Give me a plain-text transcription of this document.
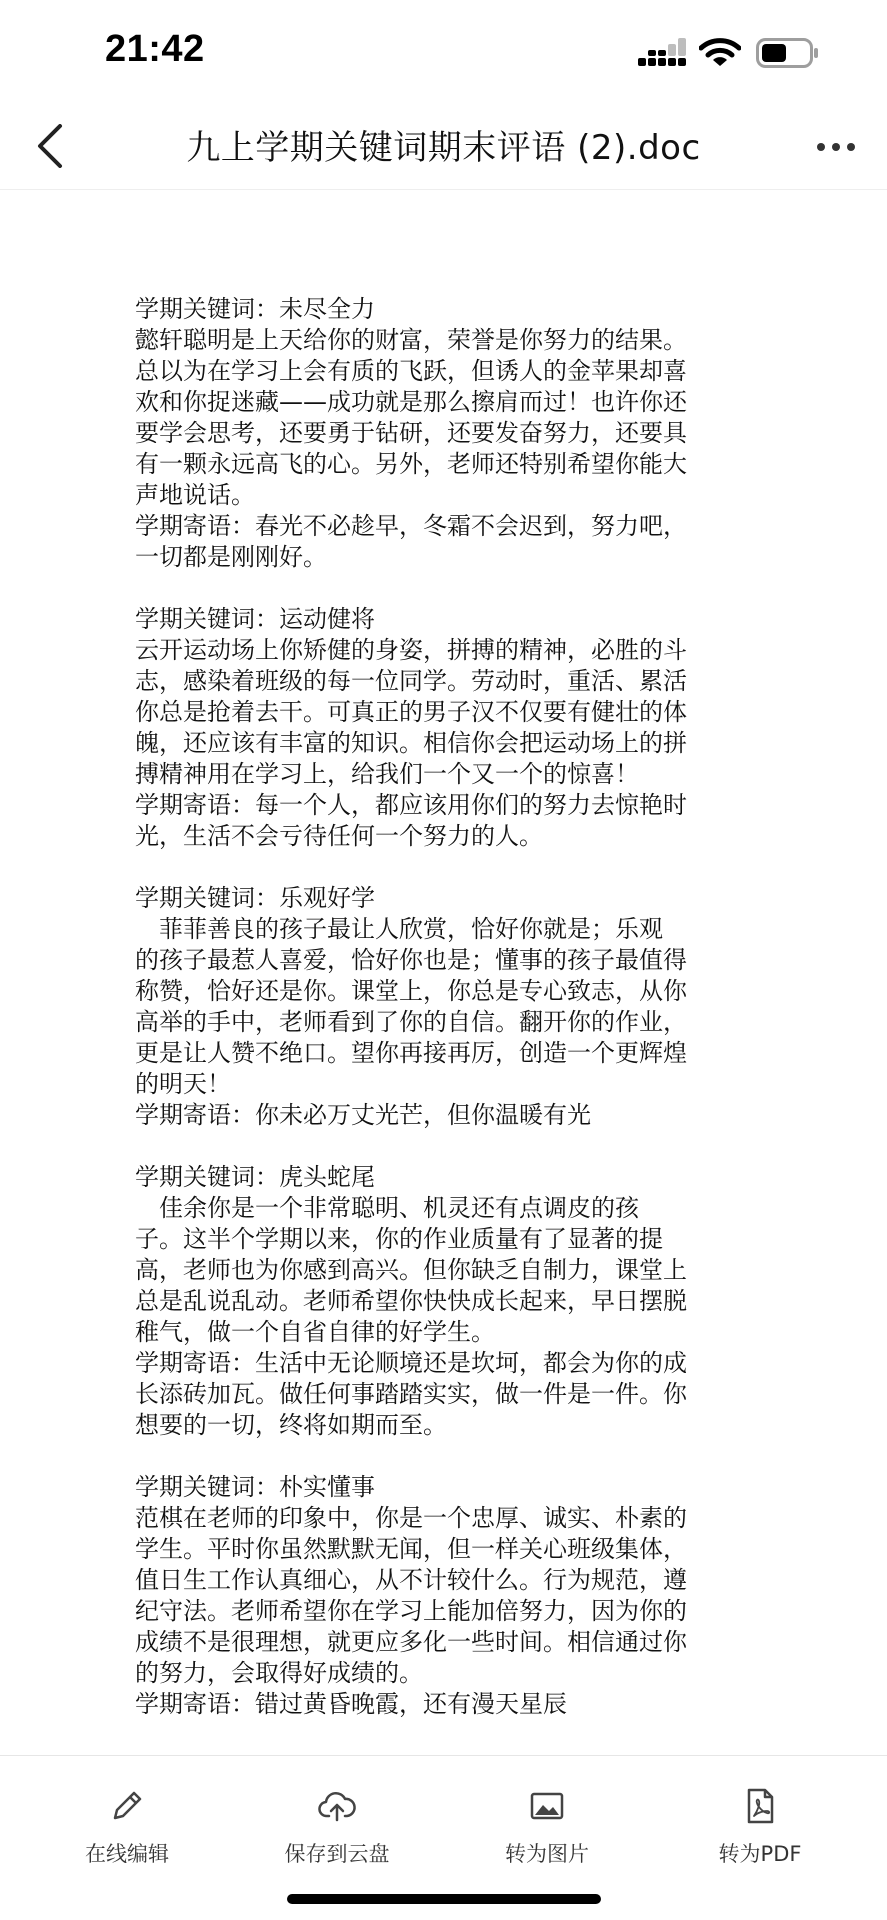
21:42
九上学期关键词期末评语 (2).doc
学期关键词：未尽全力
懿轩聪明是上天给你的财富，荣誉是你努力的结果。
总以为在学习上会有质的飞跃，但诱人的金苹果却喜
欢和你捉迷藏——成功就是那么擦肩而过！也许你还
要学会思考，还要勇于钻研，还要发奋努力，还要具
有一颗永远高飞的心。另外，老师还特别希望你能大
声地说话。
学期寄语：春光不必趁早，冬霜不会迟到，努力吧，
一切都是刚刚好。
学期关键词：运动健将
云开运动场上你矫健的身姿，拼搏的精神，必胜的斗
志，感染着班级的每一位同学。劳动时，重活、累活
你总是抢着去干。可真正的男子汉不仅要有健壮的体
魄，还应该有丰富的知识。相信你会把运动场上的拼
搏精神用在学习上，给我们一个又一个的惊喜！
学期寄语：每一个人，都应该用你们的努力去惊艳时
光，生活不会亏待任何一个努力的人。
学期关键词：乐观好学
　菲菲善良的孩子最让人欣赏，恰好你就是；乐观
的孩子最惹人喜爱，恰好你也是；懂事的孩子最值得
称赞，恰好还是你。课堂上，你总是专心致志，从你
高举的手中，老师看到了你的自信。翻开你的作业，
更是让人赞不绝口。望你再接再厉，创造一个更辉煌
的明天！
学期寄语：你未必万丈光芒，但你温暖有光
学期关键词：虎头蛇尾
　佳余你是一个非常聪明、机灵还有点调皮的孩
子。这半个学期以来，你的作业质量有了显著的提
高，老师也为你感到高兴。但你缺乏自制力，课堂上
总是乱说乱动。老师希望你快快成长起来，早日摆脱
稚气，做一个自省自律的好学生。
学期寄语：生活中无论顺境还是坎坷，都会为你的成
长添砖加瓦。做任何事踏踏实实，做一件是一件。你
想要的一切，终将如期而至。
学期关键词：朴实懂事
范棋在老师的印象中，你是一个忠厚、诚实、朴素的
学生。平时你虽然默默无闻，但一样关心班级集体，
值日生工作认真细心，从不计较什么。行为规范，遵
纪守法。老师希望你在学习上能加倍努力，因为你的
成绩不是很理想，就更应多化一些时间。相信通过你
的努力，会取得好成绩的。
学期寄语：错过黄昏晚霞，还有漫天星辰
在线编辑	保存到云盘	转为图片	转为PDF
